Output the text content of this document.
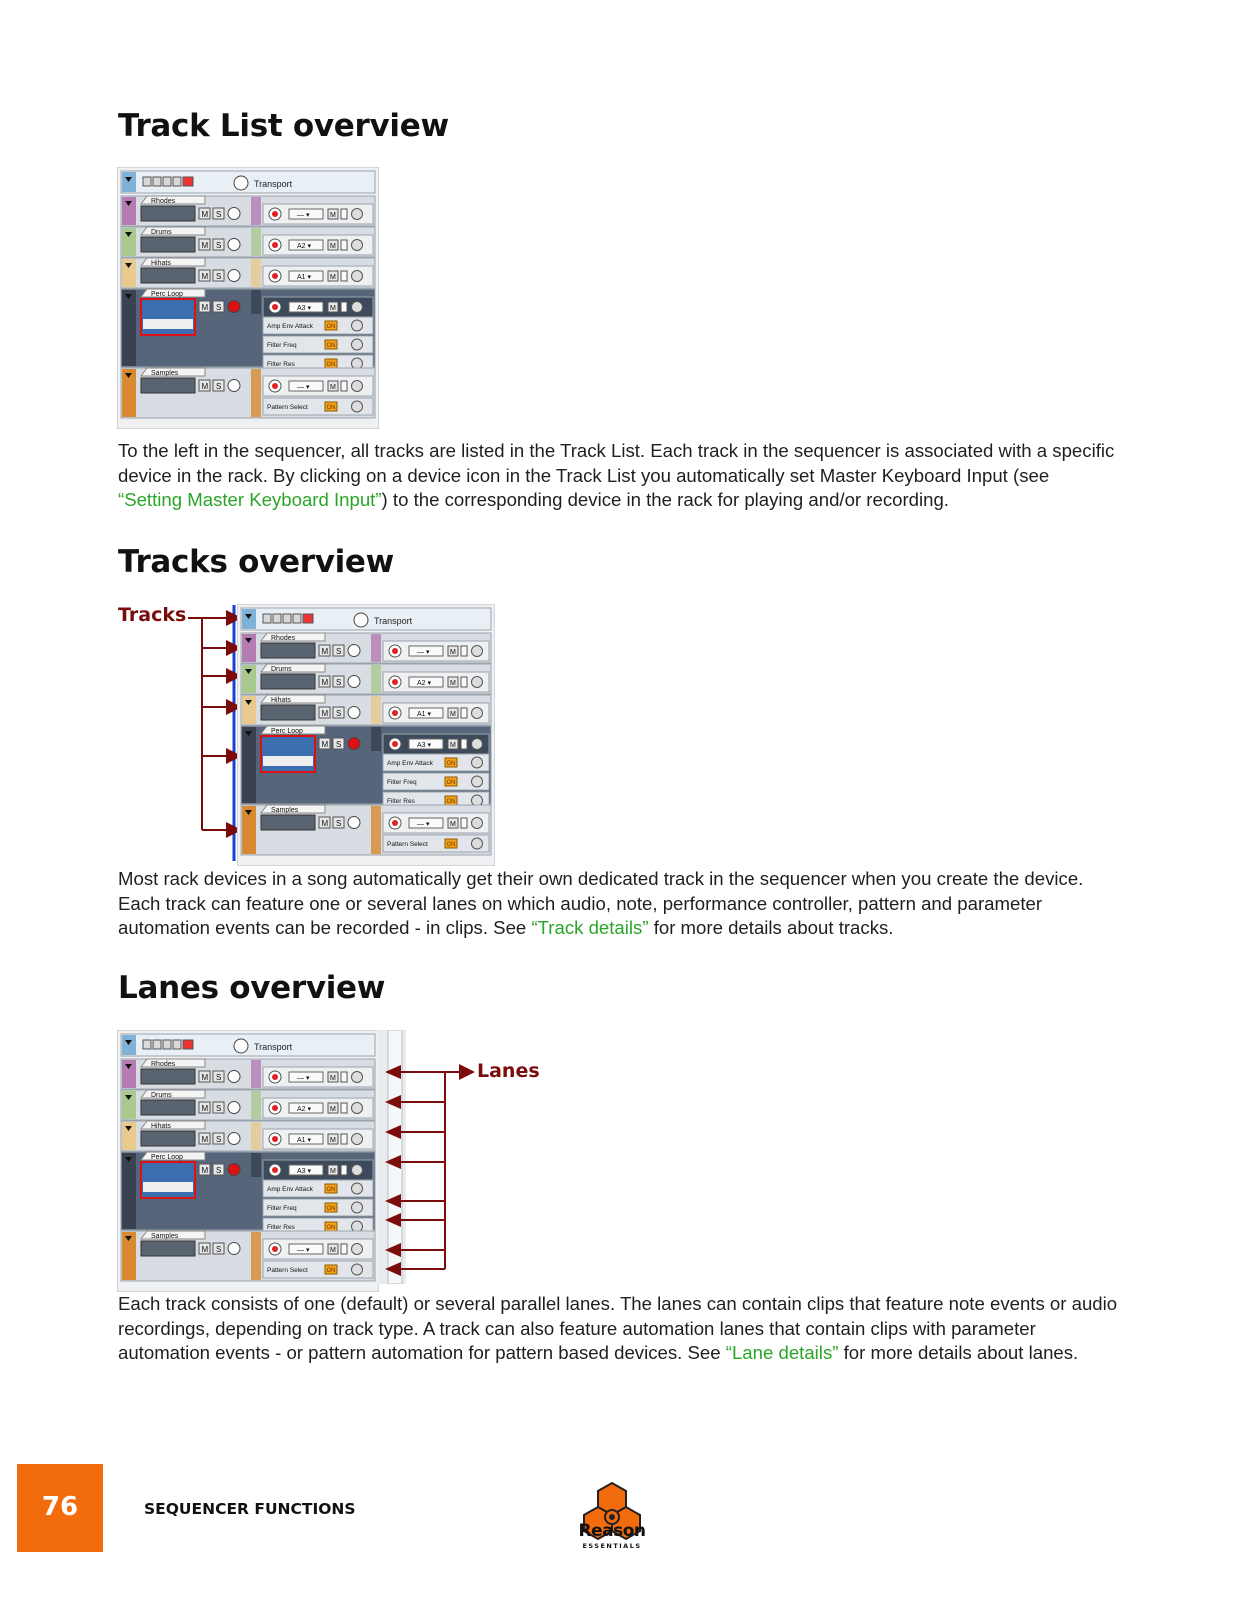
Track List overview
Transport
Rhodes
M S	— ▾	M
Drums
M S	A2 ▾	M
Hihats
M S	A1 ▾	M
Perc Loop
M S	A3 ▾	M
Amp Env Attack ON
Filter Freq	ON
Filter Res	ON
Samples
M S	— ▾	M
Pattern Select	ON

To the left in the sequencer, all tracks are listed in the Track List. Each track in the sequencer is associated with a specific device in the rack. By clicking on a device icon in the Track List you automatically set Master Keyboard Input (see “Setting Master Keyboard Input”) to the corresponding device in the rack for playing and/or recording.

Tracks overview
Tracks	Transport
Rhodes
M S	— ▾	M
Drums
M S	A2 ▾	M
Hihats
M S	A1 ▾	M
Perc Loop
M S	A3 ▾	M
Amp Env Attack ON
Filter Freq	ON
Filter Res	ON
Samples
M S	— ▾	M
Pattern Select	ON

Most rack devices in a song automatically get their own dedicated track in the sequencer when you create the device. Each track can feature one or several lanes on which audio, note, performance controller, pattern and parameter automation events can be recorded - in clips. See “Track details” for more details about tracks.

Lanes overview
Transport
Rhodes
M S	— ▾	M
Drums
M S	A2 ▾	M
Hihats
M S	A1 ▾	M
Perc Loop
M S	A3 ▾	M
Amp Env Attack ON
Filter Freq	ON
Filter Res	ON
Samples
M S	— ▾	M
Pattern Select	ON
Lanes

Each track consists of one (default) or several parallel lanes. The lanes can contain clips that feature note events or audio recordings, depending on track type. A track can also feature automation lanes that contain clips with parameter automation events - or pattern automation for pattern based devices. See “Lane details” for more details about lanes.

76	SEQUENCER FUNCTIONS
Reason
ESSENTIALS
